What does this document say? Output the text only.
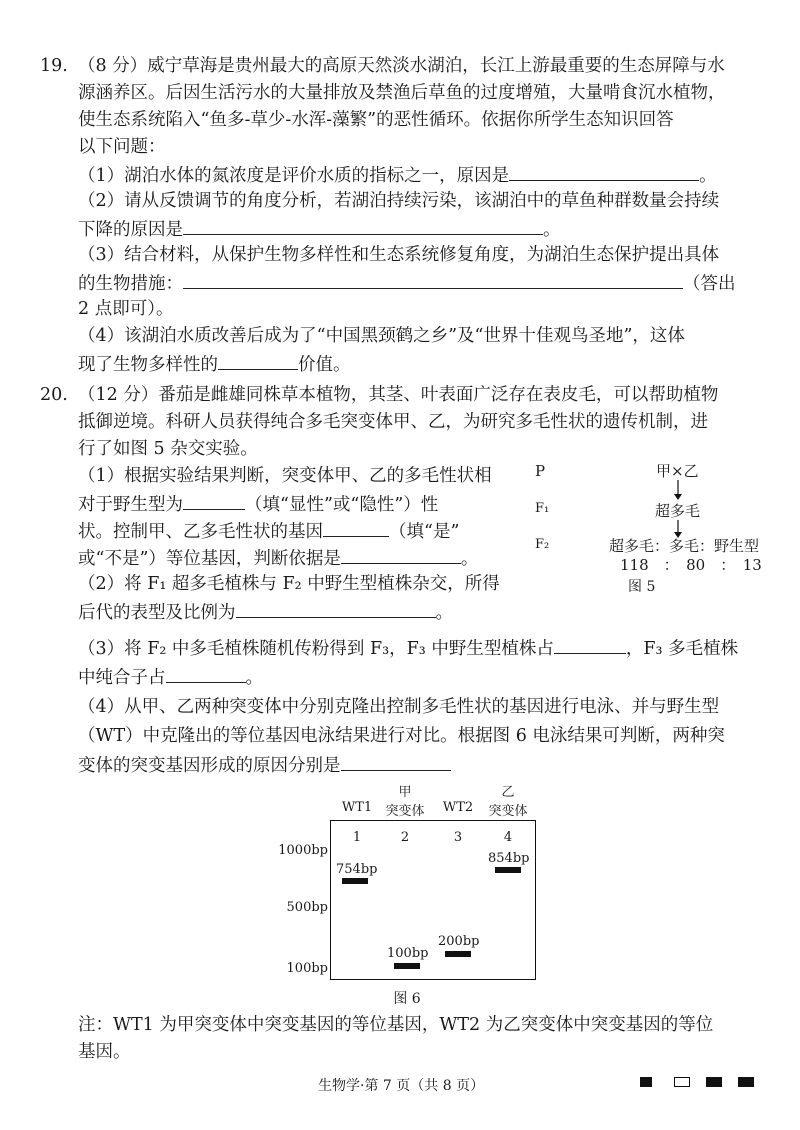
19. （8 分）威宁草海是贵州最大的高原天然淡水湖泊，长江上游最重要的生态屏障与水
源涵养区。后因生活污水的大量排放及禁渔后草鱼的过度增殖，大量啃食沉水植物，
使生态系统陷入“鱼多-草少-水浑-藻繁”的恶性循环。依据你所学生态知识回答
以下问题：
（1）湖泊水体的氮浓度是评价水质的指标之一，原因是	。
（2）请从反馈调节的角度分析，若湖泊持续污染，该湖泊中的草鱼种群数量会持续
下降的原因是	。
（3）结合材料，从保护生物多样性和生态系统修复角度，为湖泊生态保护提出具体
的生物措施：	（答出
2 点即可）。
（4）该湖泊水质改善后成为了“中国黑颈鹤之乡”及“世界十佳观鸟圣地”，这体
现了生物多样性的	价值。
20. （12 分）番茄是雌雄同株草本植物，其茎、叶表面广泛存在表皮毛，可以帮助植物
抵御逆境。科研人员获得纯合多毛突变体甲、乙，为研究多毛性状的遗传机制，进
行了如图 5 杂交实验。
（1）根据实验结果判断，突变体甲、乙的多毛性状相
对于野生型为	（填“显性”或“隐性”）性
状。控制甲、乙多毛性状的基因	（填“是”
或“不是”）等位基因，判断依据是	。
（2）将 F₁ 超多毛植株与 F₂ 中野生型植株杂交，所得
后代的表型及比例为	。
（3）将 F₂ 中多毛植株随机传粉得到 F₃，F₃ 中野生型植株占	，F₃ 多毛植株
中纯合子占	。
（4）从甲、乙两种突变体中分别克隆出控制多毛性状的基因进行电泳、并与野生型
（WT）中克隆出的等位基因电泳结果进行对比。根据图 6 电泳结果可判断，两种突
变体的突变基因形成的原因分别是
P
F₁
F₂
甲×乙
超多毛
超多毛：多毛：野生型
118　：　80　：　13
图 5
WT1
甲
突变体	WT2
乙
突变体
1	2	3	4
1000bp
500bp
100bp
754bp
100bp
200bp
854bp
图 6
注：WT1 为甲突变体中突变基因的等位基因，WT2 为乙突变体中突变基因的等位
基因。
生物学·第 7 页（共 8 页）
